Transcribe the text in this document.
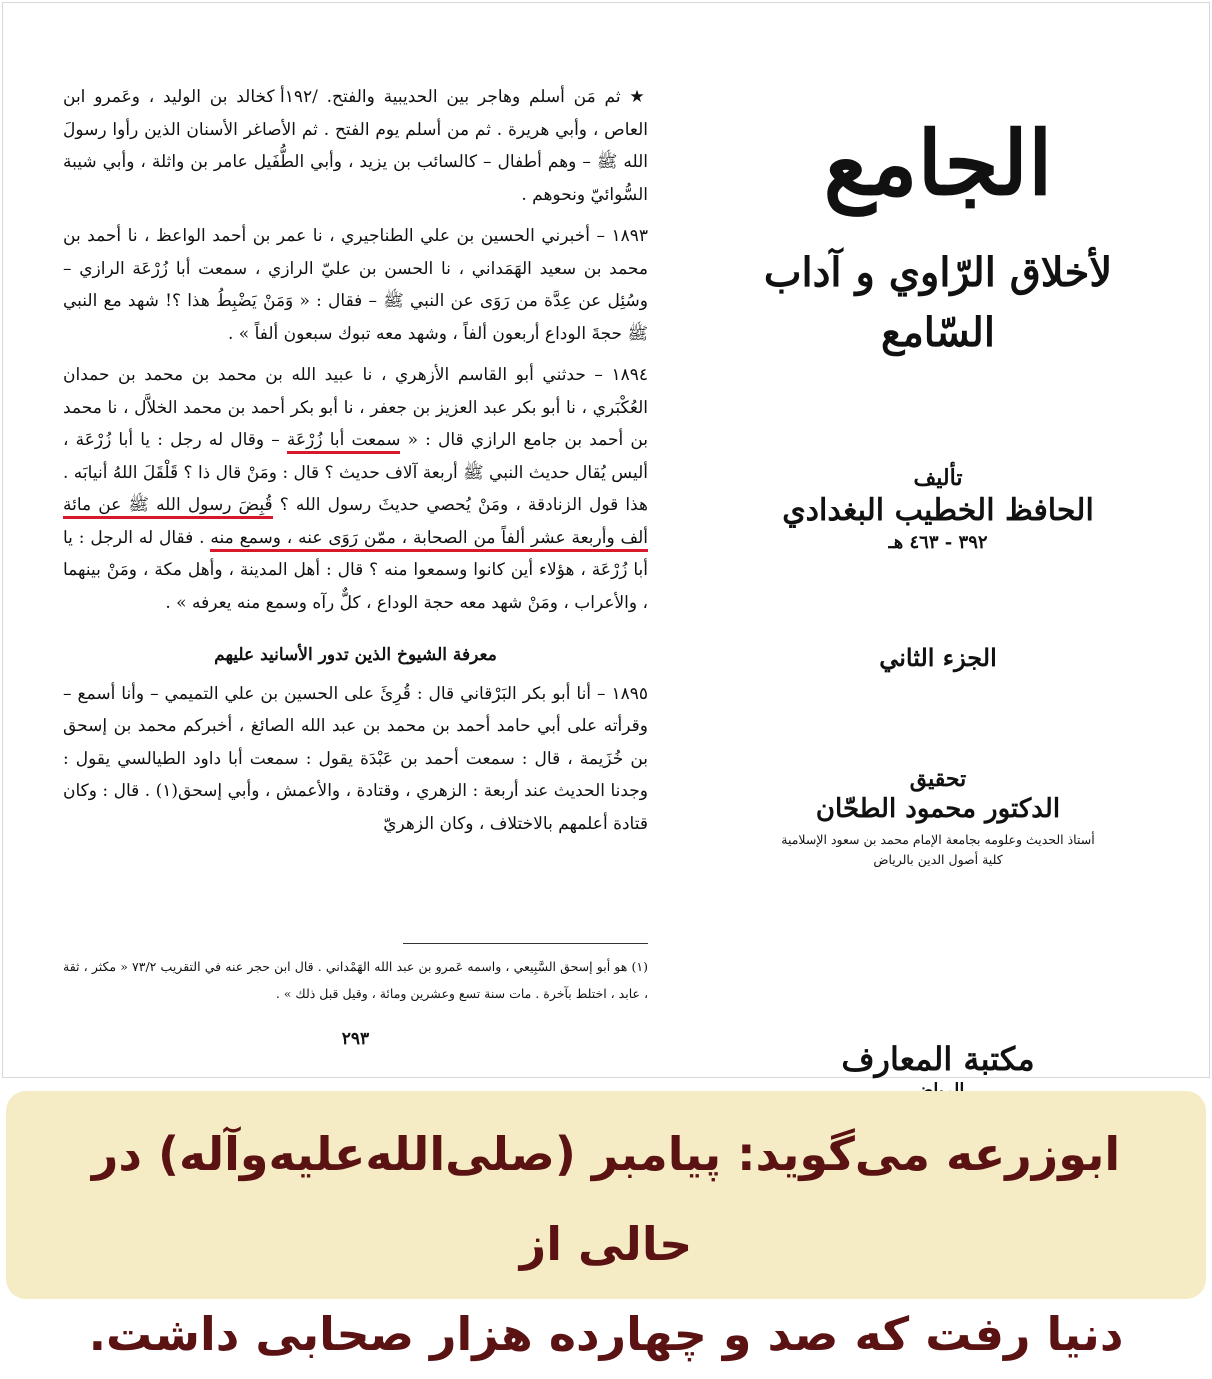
★ ثم مَن أسلم وهاجر بين الحديبية والفتح. /١٩٢أ كخالد بن الوليد ، وعَمرو ابن العاص ، وأبي هريرة . ثم من أسلم يوم الفتح . ثم الأصاغر الأسنان الذين رأوا رسولَ الله ﷺ – وهم أطفال – كالسائب بن يزيد ، وأبي الطُّفَيل عامر بن واثلة ، وأبي شيبة السُّوائيّ ونحوهم .

١٨٩٣ – أخبرني الحسين بن علي الطناجيري ، نا عمر بن أحمد الواعظ ، نا أحمد بن محمد بن سعيد الهَمَداني ، نا الحسن بن عليّ الرازي ، سمعت أبا زُرْعَة الرازي – وسُئِل عن عِدَّة من رَوَى عن النبي ﷺ – فقال : « وَمَنْ يَضْبِطُ هذا ؟! شهد مع النبي ﷺ حجةَ الوداع أربعون ألفاً ، وشهد معه تبوك سبعون ألفاً » .

١٨٩٤ – حدثني أبو القاسم الأزهري ، نا عبيد الله بن محمد بن محمد بن حمدان العُكْبَري ، نا أبو بكر عبد العزيز بن جعفر ، نا أبو بكر أحمد بن محمد الخلاَّل ، نا محمد بن أحمد بن جامع الرازي قال : « سمعت أبا زُرْعَة – وقال له رجل : يا أبا زُرْعَة ، أليس يُقال حديث النبي ﷺ أربعة آلاف حديث ؟ قال : ومَنْ قال ذا ؟ قَلْقَلَ اللهُ أنيابَه . هذا قول الزنادقة ، ومَنْ يُحصي حديثَ رسول الله ؟ قُبِضَ رسول الله ﷺ عن مائة ألف وأربعة عشر ألفاً من الصحابة ، ممّن رَوَى عنه ، وسمع منه . فقال له الرجل : يا أبا زُرْعَة ، هؤلاء أين كانوا وسمعوا منه ؟ قال : أهل المدينة ، وأهل مكة ، ومَنْ بينهما ، والأعراب ، ومَنْ شهد معه حجة الوداع ، كلٌّ رآه وسمع منه يعرفه » .

معرفة الشيوخ الذين تدور الأسانيد عليهم

١٨٩٥ – أنا أبو بكر البَرْقاني قال : قُرِئَ على الحسين بن علي التميمي – وأنا أسمع – وقرأته على أبي حامد أحمد بن محمد بن عبد الله الصائغ ، أخبركم محمد بن إسحق بن خُزَيمة ، قال : سمعت أحمد بن عَبْدَة يقول : سمعت أبا داود الطيالسي يقول : وجدنا الحديث عند أربعة : الزهري ، وقتادة ، والأعمش ، وأبي إسحق(١) . قال : وكان قتادة أعلمهم بالاختلاف ، وكان الزهريّ

(١) هو أبو إسحق السَّبِيعي ، واسمه عَمرو بن عبد الله الهَمْداني . قال ابن حجر عنه في التقريب ٧٣/٢ « مكثر ، ثقة ، عابد ، اختلط بآخرة . مات سنة تسع وعشرين ومائة ، وقيل قبل ذلك » .
٢٩٣
الجامع
لأخلاق الرّاوي و آداب السّامع
تأليف
الحافظ الخطيب البغدادي
٣٩٢ - ٤٦٣ هـ
الجزء الثاني
تحقيق
الدكتور محمود الطحّان
أستاذ الحديث وعلومه بجامعة الإمام محمد بن سعود الإسلامية
كلية أصول الدين بالرياض
مكتبة المعارف
ابوزرعه می‌گوید: پیامبر (صلی‌الله‌علیه‌وآله) در حالی از
دنیا رفت که صد و چهارده هزار صحابی داشت.
